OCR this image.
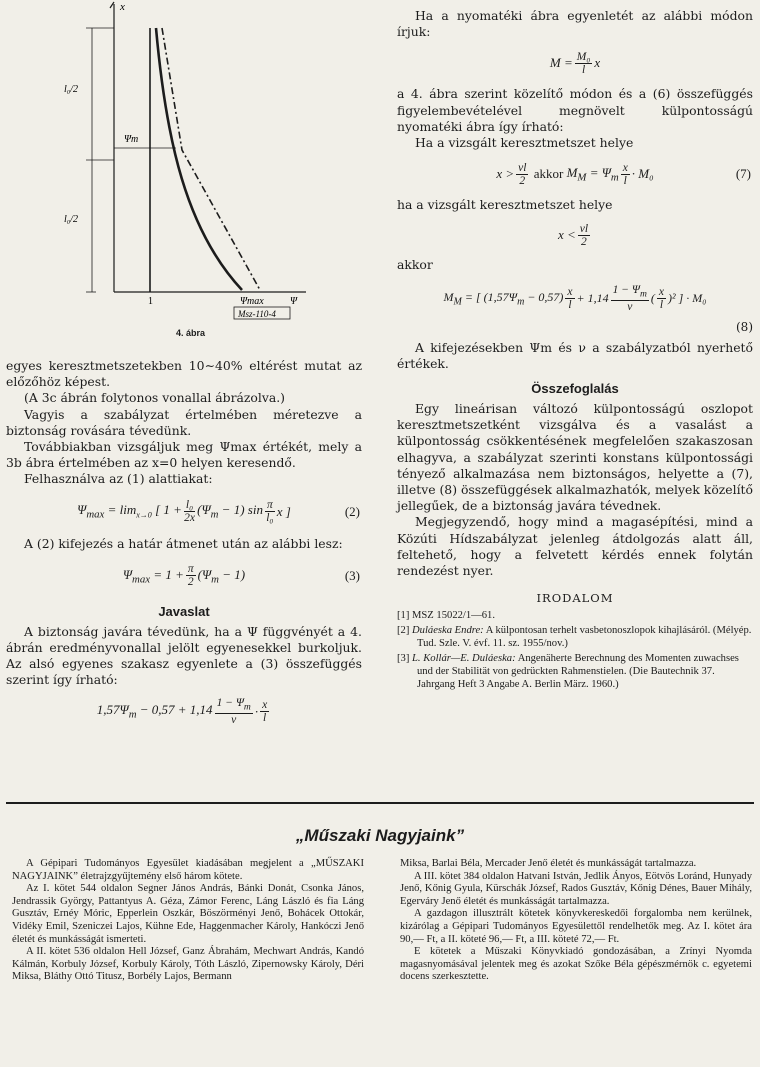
x
l₀/2
l₀/2
Ψm
1	Ψmax	Ψ
Msz-110-4
4. ábra

egyes keresztmetszetekben 10∼40% eltérést mutat az előzőhöz képest.

(A 3c ábrán folytonos vonallal ábrázolva.)

Vagyis a szabályzat értelmében méretezve a biztonság rovására tévedünk.

Továbbiakban vizsgáljuk meg Ψmax értékét, mely a 3b ábra értelmében az x=0 helyen keresendő.

Felhasználva az (1) alattiakat:

$\Psi_{max} = \lim_{x\to 0}$ [ $1 + \frac{\text{l₀}}{2x} (\Psi_m - 1)$ $\sin \frac{\pi}{\text{l₀}}$ x ]	(2)

A (2) kifejezés a határ átmenet után az alábbi lesz:

$\Psi_{max} = 1 + \frac{\pi}{2} (\Psi_m - 1)$	(3)
Javaslat

A biztonság javára tévedünk, ha a Ψ függvényét a 4. ábrán eredményvonallal jelölt egyenesekkel burkoljuk. Az alsó egyenes szakasz egyenlete a (3) összefüggés szerint így írható:

$1,57\Psi_m - 0,57 + 1,14 \frac{1 - \Psi_m}{\nu} \cdot \frac{x}{l}$

Ha a nyomatéki ábra egyenletét az alábbi módon írjuk:

$M = \frac{\text{M₀}}{l}$ x

a 4. ábra szerint közelítő módon és a (6) összefüggés figyelembevételével megnövelt külpontosságú nyomatéki ábra így írható:

Ha a vizsgált keresztmetszet helye

$x > \frac{\nu l}{2}$ akkor $M_M = \Psi_m \frac{x}{l} \cdot M_0$	(7)

ha a vizsgált keresztmetszet helye

$x < \frac{\nu l}{2}$

akkor

$M_M$ = [ $(1,57\Psi_m - 0,57) \frac{x}{l} + 1,14 \frac{1 - \Psi_m}{\nu}$ ( $\frac{x}{l} )^2$ ] · M₀
(8)

A kifejezésekben Ψm és ν a szabályzatból nyerhető értékek.

Összefoglalás

Egy lineárisan változó külpontosságú oszlopot keresztmetszetként vizsgálva és a vasalást a külpontosság csökkentésének megfelelően szakaszosan elhagyva, a szabályzat szerinti konstans külpontossági tényező alkalmazása nem biztonságos, helyette a (7), illetve (8) összefüggések alkalmazhatók, melyek közelítő jellegűek, de a biztonság javára tévednek.

Megjegyzendő, hogy mind a magasépítési, mind a Közúti Hídszabályzat jelenleg átdolgozás alatt áll, feltehető, hogy a felvetett kérdés ennek folytán rendezést nyer.

IRODALOM
[1] MSZ 15022/1—61.
[2] Duláeska Endre: A külpontosan terhelt vasbetonoszlopok kihajlásáról. (Mélyép. Tud. Szle. V. évf. 11. sz. 1955/nov.)
[3] L. Kollár—E. Duláeska: Angenäherte Berechnung des Momenten zuwachses und der Stabilität von gedrückten Rahmenstielen. (Die Bautechnik 37. Jahrgang Heft 3 Angabe A. Berlin März. 1960.)
„Műszaki Nagyjaink”

A Gépipari Tudományos Egyesület kiadásában megjelent a „MŰSZAKI NAGYJAINK” életrajzgyűjtemény első három kötete.

Az I. kötet 544 oldalon Segner János András, Bánki Donát, Csonka János, Jendrassik György, Pattantyus A. Géza, Zámor Ferenc, Láng László és fia Láng Gusztáv, Ernéy Móric, Epperlein Oszkár, Böszörményi Jenő, Bohácek Ottokár, Vidéky Emil, Szeniczei Lajos, Kühne Ede, Haggenmacher Károly, Hankóczi Jenő életét és munkásságát ismerteti.

A II. kötet 536 oldalon Hell József, Ganz Ábrahám, Mechwart András, Kandó Kálmán, Korbuly József, Korbuly Károly, Tóth László, Zipernowsky Károly, Déri Miksa, Bláthy Ottó Titusz, Borbély Lajos, Bermann

Miksa, Barlai Béla, Mercader Jenő életét és munkásságát tartalmazza.

A III. kötet 384 oldalon Hatvani István, Jedlik Ányos, Eötvös Loránd, Hunyady Jenő, Kőnig Gyula, Kürschák József, Rados Gusztáv, Kőnig Dénes, Bauer Mihály, Egerváry Jenő életét és munkásságát tartalmazza.

A gazdagon illusztrált kötetek könyvkereskedői forgalomba nem kerülnek, kizárólag a Gépipari Tudományos Egyesülettől rendelhetők meg. Az I. kötet ára 90,— Ft, a II. köteté 96,— Ft, a III. köteté 72,— Ft.

E kötetek a Műszaki Könyvkiadó gondozásában, a Zrínyi Nyomda magasnyomásával jelentek meg és azokat Szőke Béla gépészmérnök c. egyetemi docens szerkesztette.
